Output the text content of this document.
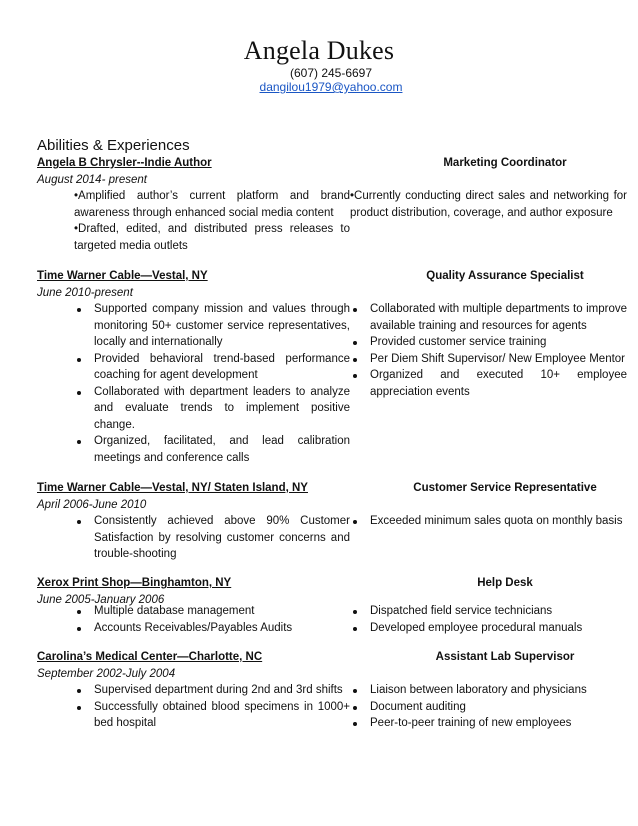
Angela Dukes
(607) 245-6697
dangilou1979@yahoo.com
Abilities & Experiences
Angela B Chrysler--Indie Author	Marketing Coordinator
August 2014- present
•Amplified author’s current platform and brand awareness through enhanced social media content
•Drafted, edited, and distributed press releases to targeted media outlets
•Currently conducting direct sales and networking for product distribution, coverage, and author exposure
Time Warner Cable—Vestal, NY	Quality Assurance Specialist
June 2010-present
Supported company mission and values through monitoring 50+ customer service representatives, locally and internationally
Provided behavioral trend-based performance coaching for agent development
Collaborated with department leaders to analyze and evaluate trends to implement positive change.
Organized, facilitated, and lead calibration meetings and conference calls
Collaborated with multiple departments to improve available training and resources for agents
Provided customer service training
Per Diem Shift Supervisor/ New Employee Mentor
Organized and executed 10+ employee appreciation events
Time Warner Cable—Vestal, NY/ Staten Island, NY	Customer Service Representative
April 2006-June 2010
Consistently achieved above 90% Customer Satisfaction by resolving customer concerns and trouble-shooting
Exceeded minimum sales quota on monthly basis
Xerox Print Shop—Binghamton, NY	Help Desk
June 2005-January 2006
Multiple database management
Accounts Receivables/Payables Audits
Dispatched field service technicians
Developed employee procedural manuals
Carolina’s Medical Center—Charlotte, NC	Assistant Lab Supervisor
September 2002-July 2004
Supervised department during 2nd and 3rd shifts
Successfully obtained blood specimens in 1000+ bed hospital
Liaison between laboratory and physicians
Document auditing
Peer-to-peer training of new employees
